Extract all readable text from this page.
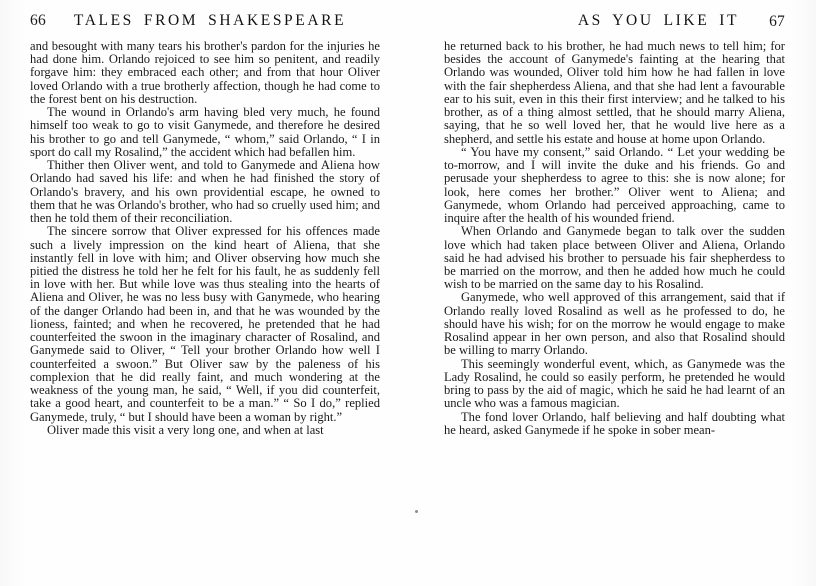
66 TALES FROM SHAKESPEARE

and besought with many tears his brother's pardon for the injuries he had done him. Orlando rejoiced to see him so penitent, and readily forgave him: they embraced each other; and from that hour Oliver loved Orlando with a true brotherly affection, though he had come to the forest bent on his destruction.

The wound in Orlando's arm having bled very much, he found himself too weak to go to visit Ganymede, and therefore he desired his brother to go and tell Ganymede, “ whom,” said Orlando, “ I in sport do call my Rosalind,” the accident which had befallen him.

Thither then Oliver went, and told to Ganymede and Aliena how Orlando had saved his life: and when he had finished the story of Orlando's bravery, and his own providential escape, he owned to them that he was Orlando's brother, who had so cruelly used him; and then he told them of their reconciliation.

The sincere sorrow that Oliver expressed for his offences made such a lively impression on the kind heart of Aliena, that she instantly fell in love with him; and Oliver observing how much she pitied the distress he told her he felt for his fault, he as suddenly fell in love with her. But while love was thus stealing into the hearts of Aliena and Oliver, he was no less busy with Ganymede, who hearing of the danger Orlando had been in, and that he was wounded by the lioness, fainted; and when he recovered, he pretended that he had counterfeited the swoon in the imaginary character of Rosalind, and Ganymede said to Oliver, “ Tell your brother Orlando how well I counterfeited a swoon.” But Oliver saw by the paleness of his complexion that he did really faint, and much wondering at the weakness of the young man, he said, “ Well, if you did counterfeit, take a good heart, and counterfeit to be a man.” “ So I do,” replied Ganymede, truly, “ but I should have been a woman by right.”

Oliver made this visit a very long one, and when at last

AS YOU LIKE IT 67

he returned back to his brother, he had much news to tell him; for besides the account of Ganymede's fainting at the hearing that Orlando was wounded, Oliver told him how he had fallen in love with the fair shepherdess Aliena, and that she had lent a favourable ear to his suit, even in this their first interview; and he talked to his brother, as of a thing almost settled, that he should marry Aliena, saying, that he so well loved her, that he would live here as a shepherd, and settle his estate and house at home upon Orlando.

“ You have my consent,” said Orlando. “ Let your wedding be to-morrow, and I will invite the duke and his friends. Go and perusade your shepherdess to agree to this: she is now alone; for look, here comes her brother.” Oliver went to Aliena; and Ganymede, whom Orlando had perceived approaching, came to inquire after the health of his wounded friend.

When Orlando and Ganymede began to talk over the sudden love which had taken place between Oliver and Aliena, Orlando said he had advised his brother to persuade his fair shepherdess to be married on the morrow, and then he added how much he could wish to be married on the same day to his Rosalind.

Ganymede, who well approved of this arrangement, said that if Orlando really loved Rosalind as well as he professed to do, he should have his wish; for on the morrow he would engage to make Rosalind appear in her own person, and also that Rosalind should be willing to marry Orlando.

This seemingly wonderful event, which, as Ganymede was the Lady Rosalind, he could so easily perform, he pretended he would bring to pass by the aid of magic, which he said he had learnt of an uncle who was a famous magician.

The fond lover Orlando, half believing and half doubting what he heard, asked Ganymede if he spoke in sober mean-
